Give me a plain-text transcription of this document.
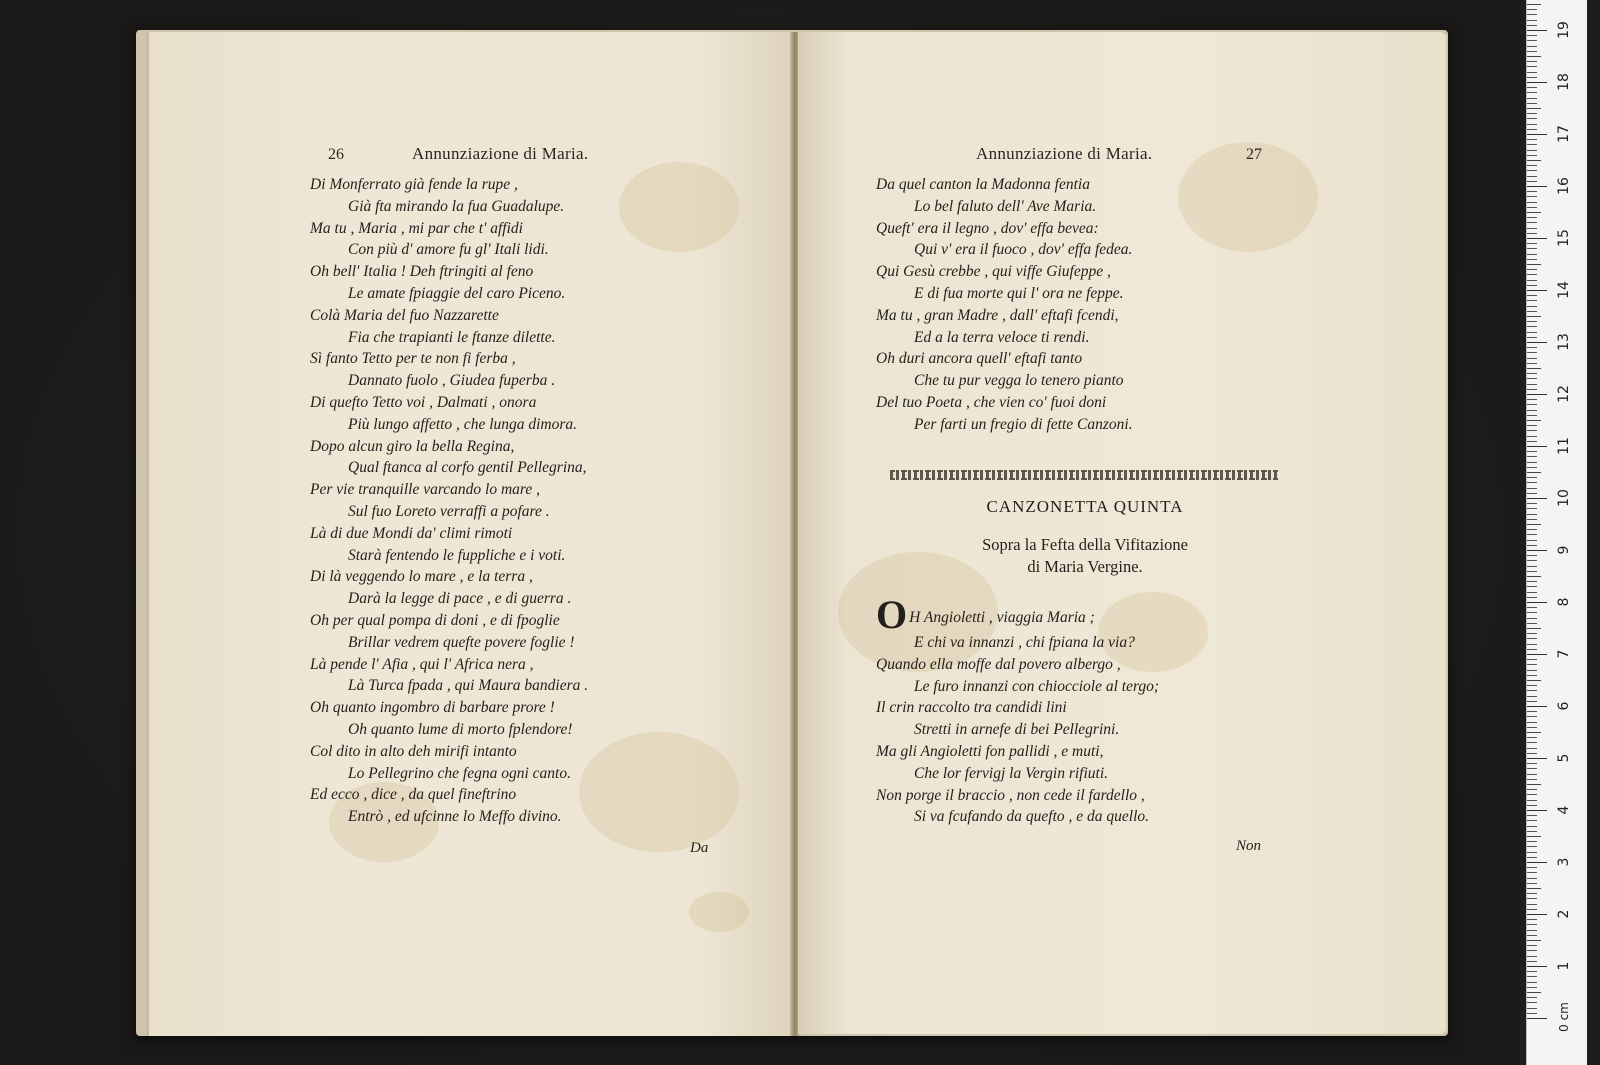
26	Annunziazione di Maria.
Di Monferrato già fende la rupe ,
Già fta mirando la fua Guadalupe.
Ma tu , Maria , mi par che t' affidi
Con più d' amore fu gl' Itali lidi.
Oh bell' Italia ! Deh ftringiti al feno
Le amate fpiaggie del caro Piceno.
Colà Maria del fuo Nazzarette
Fia che trapianti le ftanze dilette.
Sì fanto Tetto per te non fi ferba ,
Dannato fuolo , Giudea fuperba .
Di quefto Tetto voi , Dalmati , onora
Più lungo affetto , che lunga dimora.
Dopo alcun giro la bella Regina,
Qual ftanca al corfo gentil Pellegrina,
Per vie tranquille varcando lo mare ,
Sul fuo Loreto verraffi a pofare .
Là di due Mondi da' climi rimoti
Starà fentendo le fuppliche e i voti.
Di là veggendo lo mare , e la terra ,
Darà la legge di pace , e di guerra .
Oh per qual pompa di doni , e di fpoglie
Brillar vedrem quefte povere foglie !
Là pende l' Afia , qui l' Africa nera ,
Là Turca fpada , qui Maura bandiera .
Oh quanto ingombro di barbare prore !
Oh quanto lume di morto fplendore!
Col dito in alto deh mirifi intanto
Lo Pellegrino che fegna ogni canto.
Ed ecco , dice , da quel fineftrino
Entrò , ed ufcinne lo Meffo divino.
Da
Annunziazione di Maria.	27
Da quel canton la Madonna fentia
Lo bel faluto dell' Ave Maria.
Queft' era il legno , dov' effa bevea:
Qui v' era il fuoco , dov' effa fedea.
Qui Gesù crebbe , qui viffe Giufeppe ,
E di fua morte qui l' ora ne feppe.
Ma tu , gran Madre , dall' eftafi fcendi,
Ed a la terra veloce ti rendi.
Oh duri ancora quell' eftafi tanto
Che tu pur vegga lo tenero pianto
Del tuo Poeta , che vien co' fuoi doni
Per farti un fregio di fette Canzoni.
CANZONETTA QUINTA
Sopra la Fefta della Vifitazione
di Maria Vergine.
O H Angioletti , viaggia Maria ;
E chi va innanzi , chi fpiana la via?
Quando ella moffe dal povero albergo ,
Le furo innanzi con chiocciole al tergo;
Il crin raccolto tra candidi lini
Stretti in arnefe di bei Pellegrini.
Ma gli Angioletti fon pallidi , e muti,
Che lor fervigj la Vergin rifiuti.
Non porge il braccio , non cede il fardello ,
Si va fcufando da quefto , e da quello.
Non
0 cm
1
2
3
4
5
6
7
8
9
10
11
12
13
14
15
16
17
18
19
